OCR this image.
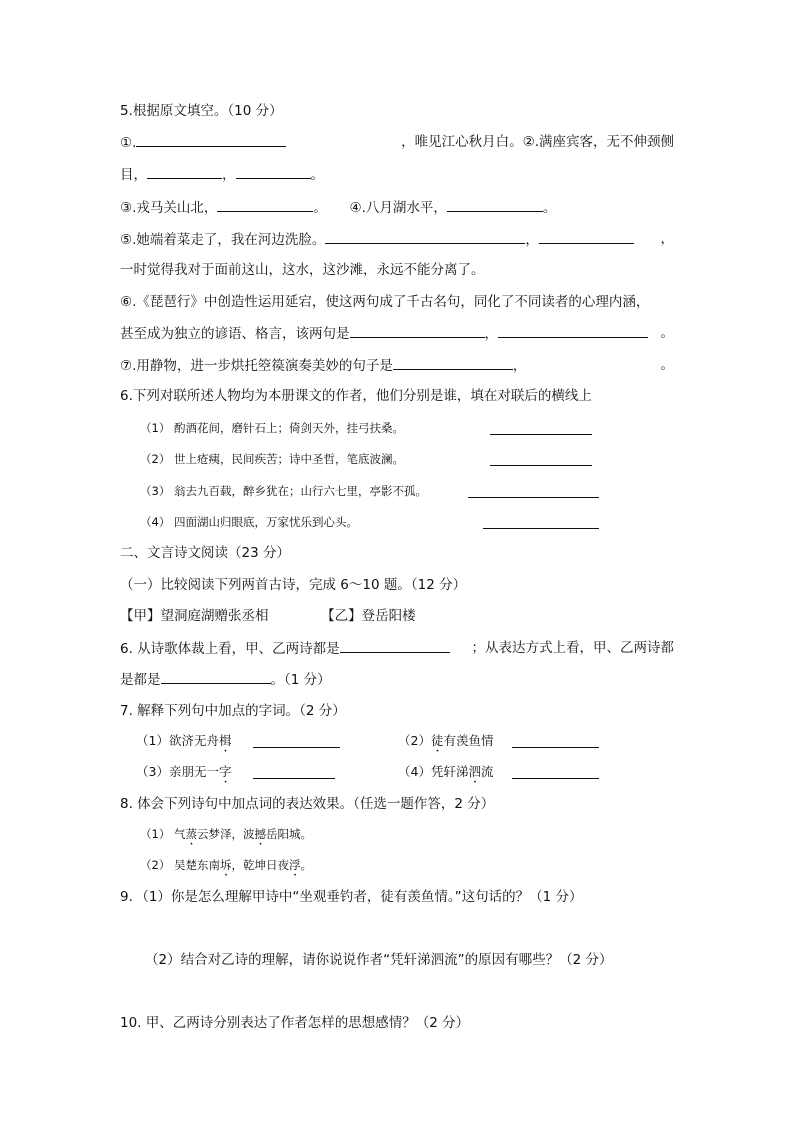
5.根据原文填空。（10 分）
①.	，唯见江心秋月白。②.满座宾客，无不伸颈侧
目，	，	。
③.戎马关山北，	。 ④.八月湖水平，	。
⑤.她端着菜走了，我在河边洗脸。	，	，
一时觉得我对于面前这山，这水，这沙滩，永远不能分离了。
⑥.《琵琶行》中创造性运用延宕，使这两句成了千古名句，同化了不同读者的心理内涵，
甚至成为独立的谚语、格言，该两句是	，	。
⑦.用静物，进一步烘托箜篌演奏美妙的句子是	，	。
6.下列对联所述人物均为本册课文的作者，他们分别是谁，填在对联后的横线上
（1） 酌酒花间，磨针石上；倚剑天外，挂弓扶桑。
（2） 世上疮痍，民间疾苦；诗中圣哲，笔底波澜。
（3） 翁去九百载，醉乡犹在；山行六七里，亭影不孤。
（4） 四面湖山归眼底，万家忧乐到心头。
二、文言诗文阅读（23 分）
（一）比较阅读下列两首古诗，完成 6～10 题。（12 分）
【甲】望洞庭湖赠张丞相	【乙】登岳阳楼
6. 从诗歌体裁上看，甲、乙两诗都是	；从表达方式上看，甲、乙两诗都
是都是	。（1 分）
7. 解释下列句中加点的字词。（2 分）
（1）欲济无舟楫	（2）徒有羡鱼情
（3）亲朋无一字	（4）凭轩涕泗流
8. 体会下列诗句中加点词的表达效果。（任选一题作答，2 分）
（1） 气蒸云梦泽，波撼岳阳城。
（2） 吴楚东南坼，乾坤日夜浮。
9．（1）你是怎么理解甲诗中“坐观垂钓者，徒有羡鱼情。”这句话的？（1 分）
（2）结合对乙诗的理解，请你说说作者“凭轩涕泗流”的原因有哪些？（2 分）
10. 甲、乙两诗分别表达了作者怎样的思想感情？（2 分）
